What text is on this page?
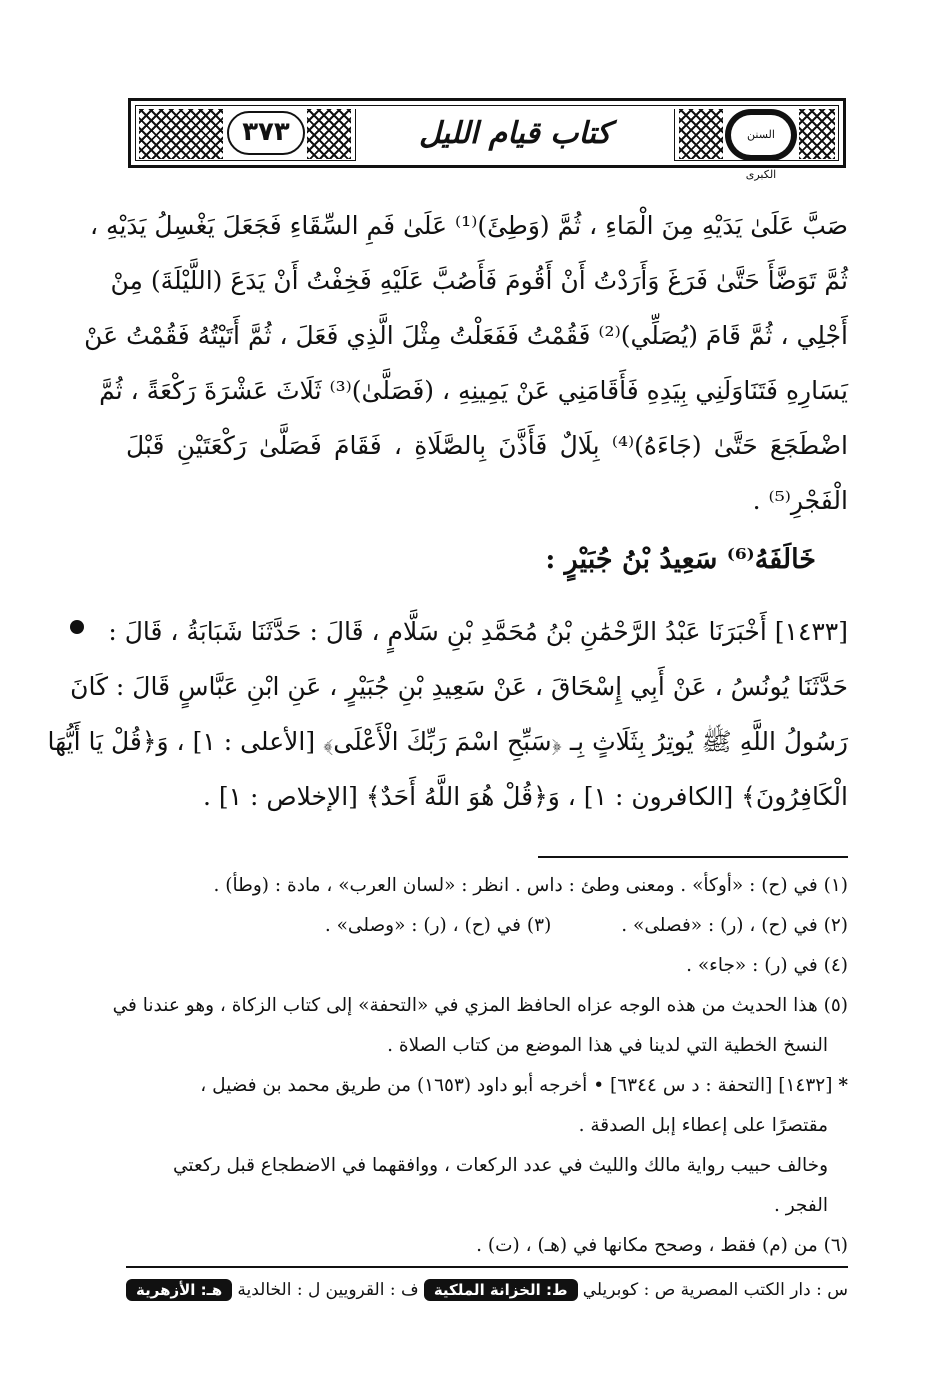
٣٧٣	كتاب قيام الليل	السنن الكبرى
صَبَّ عَلَىٰ يَدَيْهِ مِنَ الْمَاءِ ، ثُمَّ (وَطِئَ)⁽¹⁾ عَلَىٰ فَمِ السِّقَاءِ فَجَعَلَ يَغْسِلُ يَدَيْهِ ،
ثُمَّ تَوَضَّأَ حَتَّىٰ فَرَغَ وَأَرَدْتُ أَنْ أَقُومَ فَأَصُبَّ عَلَيْهِ فَخِفْتُ أَنْ يَدَعَ (اللَّيْلَةَ) مِنْ
أَجْلِي ، ثُمَّ قَامَ (يُصَلِّي)⁽²⁾ فَقُمْتُ فَفَعَلْتُ مِثْلَ الَّذِي فَعَلَ ، ثُمَّ أَتَيْتُهُ فَقُمْتُ عَنْ
يَسَارِهِ فَتَنَاوَلَنِي بِيَدِهِ فَأَقَامَنِي عَنْ يَمِينِهِ ، (فَصَلَّىٰ)⁽³⁾ ثَلَاثَ عَشْرَةَ رَكْعَةً ، ثُمَّ
اضْطَجَعَ حَتَّىٰ (جَاءَهُ)⁽⁴⁾ بِلَالٌ فَأَذَّنَ بِالصَّلَاةِ ، فَقَامَ فَصَلَّىٰ رَكْعَتَيْنِ قَبْلَ
الْفَجْرِ⁽⁵⁾ .
خَالَفَهُ⁽⁶⁾ سَعِيدُ بْنُ جُبَيْرٍ :
[١٤٣٣] أَخْبَرَنَا عَبْدُ الرَّحْمَٰنِ بْنُ مُحَمَّدِ بْنِ سَلَّامٍ ، قَالَ : حَدَّثَنَا شَبَابَةُ ، قَالَ :
حَدَّثَنَا يُونُسُ ، عَنْ أَبِي إِسْحَاقَ ، عَنْ سَعِيدِ بْنِ جُبَيْرٍ ، عَنِ ابْنِ عَبَّاسٍ قَالَ : كَانَ
رَسُولُ اللَّهِ ﷺ يُوتِرُ بِثَلَاثٍ بِـ ﴿سَبِّحِ اسْمَ رَبِّكَ الْأَعْلَى﴾ [الأعلى : ١] ، وَ﴿قُلْ يَا أَيُّهَا
الْكَافِرُونَ﴾ [الكافرون : ١] ، وَ﴿قُلْ هُوَ اللَّهُ أَحَدٌ﴾ [الإخلاص : ١] .
(١) في (ح) : «أوكأ» . ومعنى وطئ : داس . انظر : «لسان العرب» ، مادة : (وطأ) .
(٢) في (ح) ، (ر) : «فصلى» .
(٣) في (ح) ، (ر) : «وصلى» .
(٤) في (ر) : «جاء» .
(٥) هذا الحديث من هذه الوجه عزاه الحافظ المزي في «التحفة» إلى كتاب الزكاة ، وهو عندنا في
النسخ الخطية التي لدينا في هذا الموضع من كتاب الصلاة .
* [١٤٣٢] [التحفة : د س ٦٣٤٤] • أخرجه أبو داود (١٦٥٣) من طريق محمد بن فضيل ،
مقتصرًا على إعطاء إبل الصدقة .
وخالف حبيب رواية مالك والليث في عدد الركعات ، ووافقهما في الاضطجاع قبل ركعتي
الفجر .
(٦) من (م) فقط ، وصحح مكانها في (هـ) ، (ت) .
س : دار الكتب المصرية
ص : كوبريلي
ط: الخزانة الملكية
ف : القرويين
ل : الخالدية
هـ: الأزهرية
